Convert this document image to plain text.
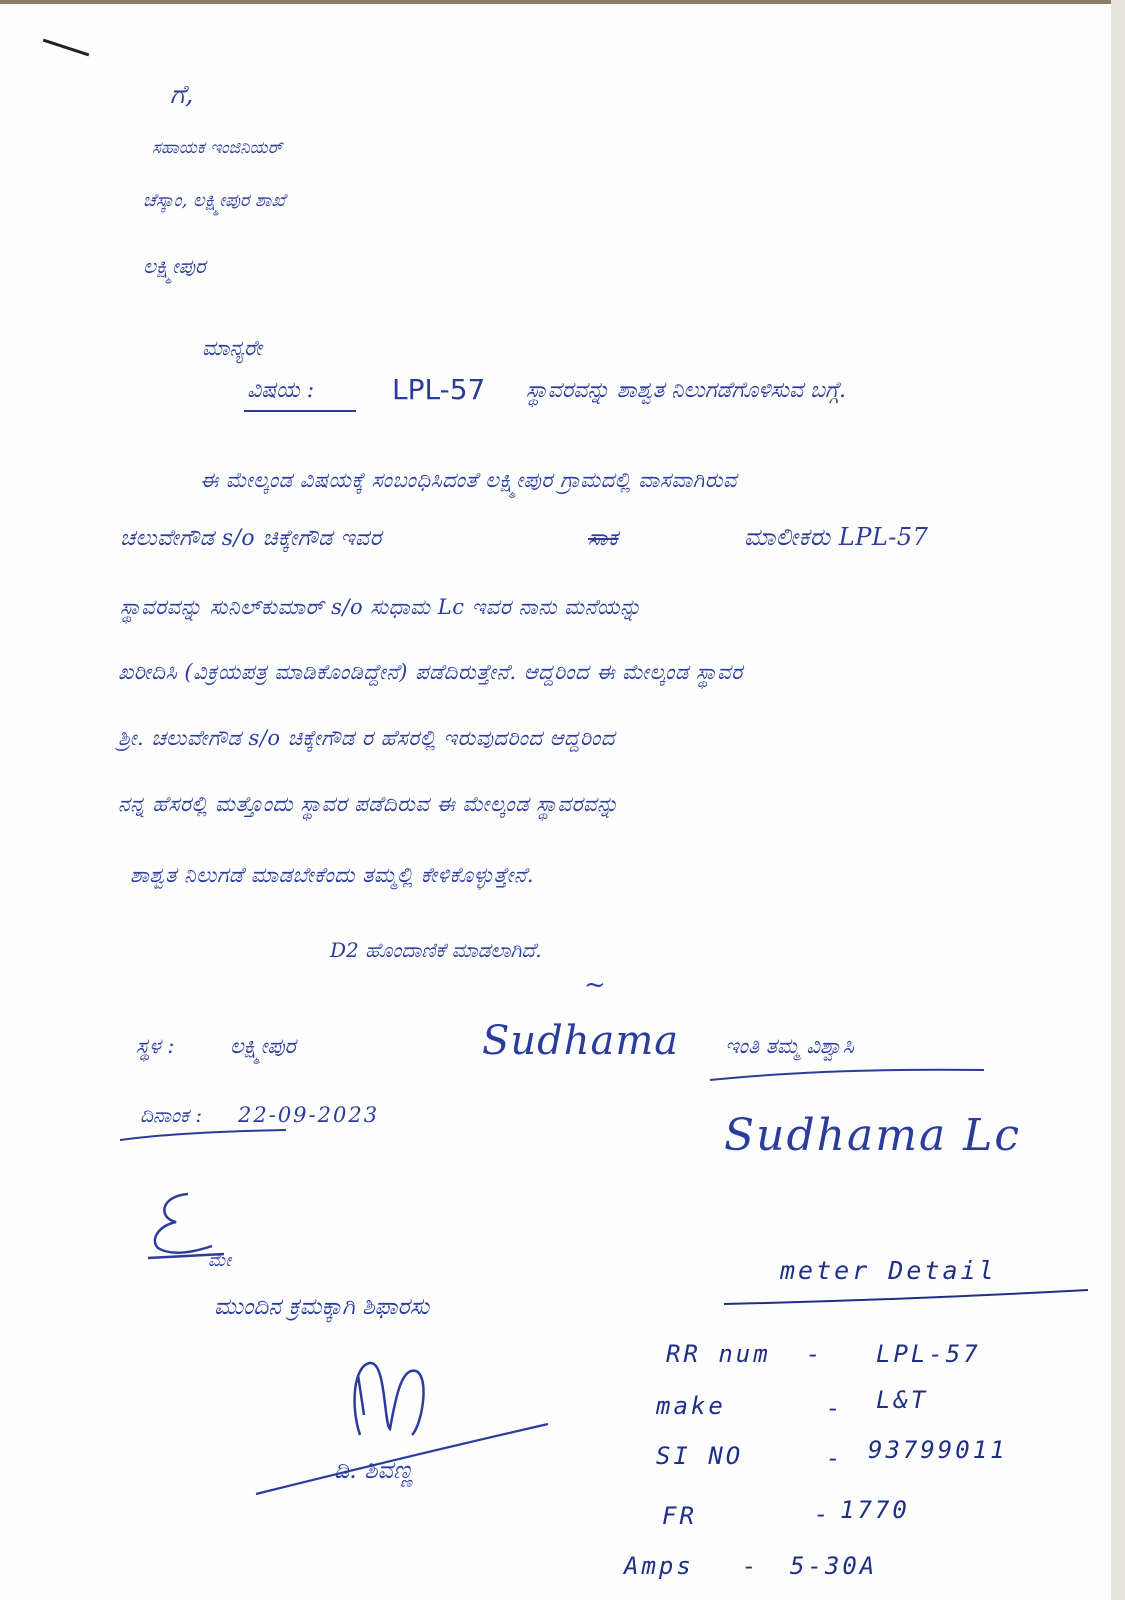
ಗೆ,
ಸಹಾಯಕ ಇಂಜಿನಿಯರ್
ಚೆಸ್ಕಾಂ, ಲಕ್ಷ್ಮೀಪುರ ಶಾಖೆ
ಲಕ್ಷ್ಮೀಪುರ
ಮಾನ್ಯರೇ
ವಿಷಯ :	LPL-57 ಸ್ಥಾವರವನ್ನು ಶಾಶ್ವತ ನಿಲುಗಡೆಗೊಳಿಸುವ ಬಗ್ಗೆ.
ಈ ಮೇಲ್ಕಂಡ ವಿಷಯಕ್ಕೆ ಸಂಬಂಧಿಸಿದಂತೆ ಲಕ್ಷ್ಮೀಪುರ ಗ್ರಾಮದಲ್ಲಿ ವಾಸವಾಗಿರುವ
ಚಲುವೇಗೌಡ s/o ಚಿಕ್ಕೇಗೌಡ ಇವರ	ಸಾಕ	ಮಾಲೀಕರು LPL-57
ಸ್ಥಾವರವನ್ನು ಸುನಿಲ್‌ಕುಮಾರ್ s/o ಸುಧಾಮ Lc ಇವರ ನಾನು ಮನೆಯನ್ನು
ಖರೀದಿಸಿ (ವಿಕ್ರಯಪತ್ರ ಮಾಡಿಕೊಂಡಿದ್ದೇನೆ) ಪಡೆದಿರುತ್ತೇನೆ. ಆದ್ದರಿಂದ ಈ ಮೇಲ್ಕಂಡ ಸ್ಥಾವರ
ಶ್ರೀ. ಚಲುವೇಗೌಡ s/o ಚಿಕ್ಕೇಗೌಡ ರ ಹೆಸರಲ್ಲಿ ಇರುವುದರಿಂದ ಆದ್ದರಿಂದ
ನನ್ನ ಹೆಸರಲ್ಲಿ ಮತ್ತೊಂದು ಸ್ಥಾವರ ಪಡೆದಿರುವ ಈ ಮೇಲ್ಕಂಡ ಸ್ಥಾವರವನ್ನು
ಶಾಶ್ವತ ನಿಲುಗಡೆ ಮಾಡಬೇಕೆಂದು ತಮ್ಮಲ್ಲಿ ಕೇಳಿಕೊಳ್ಳುತ್ತೇನೆ.
D2 ಹೊಂದಾಣಿಕೆ ಮಾಡಲಾಗಿದೆ.
~
ಸ್ಥಳ :	ಲಕ್ಷ್ಮೀಪುರ
ದಿನಾಂಕ : 22-09-2023
Sudhama ಇಂತಿ ತಮ್ಮ ವಿಶ್ವಾಸಿ
Sudhama Lc
ಮೇ
ಮುಂದಿನ ಕ್ರಮಕ್ಕಾಗಿ ಶಿಫಾರಸು
ಡಿ. ಶಿವಣ್ಣ
meter Detail
RR num - LPL-57
make	- L&T
SI NO	- 93799011
FR	- 1770
Amps - 5-30A
